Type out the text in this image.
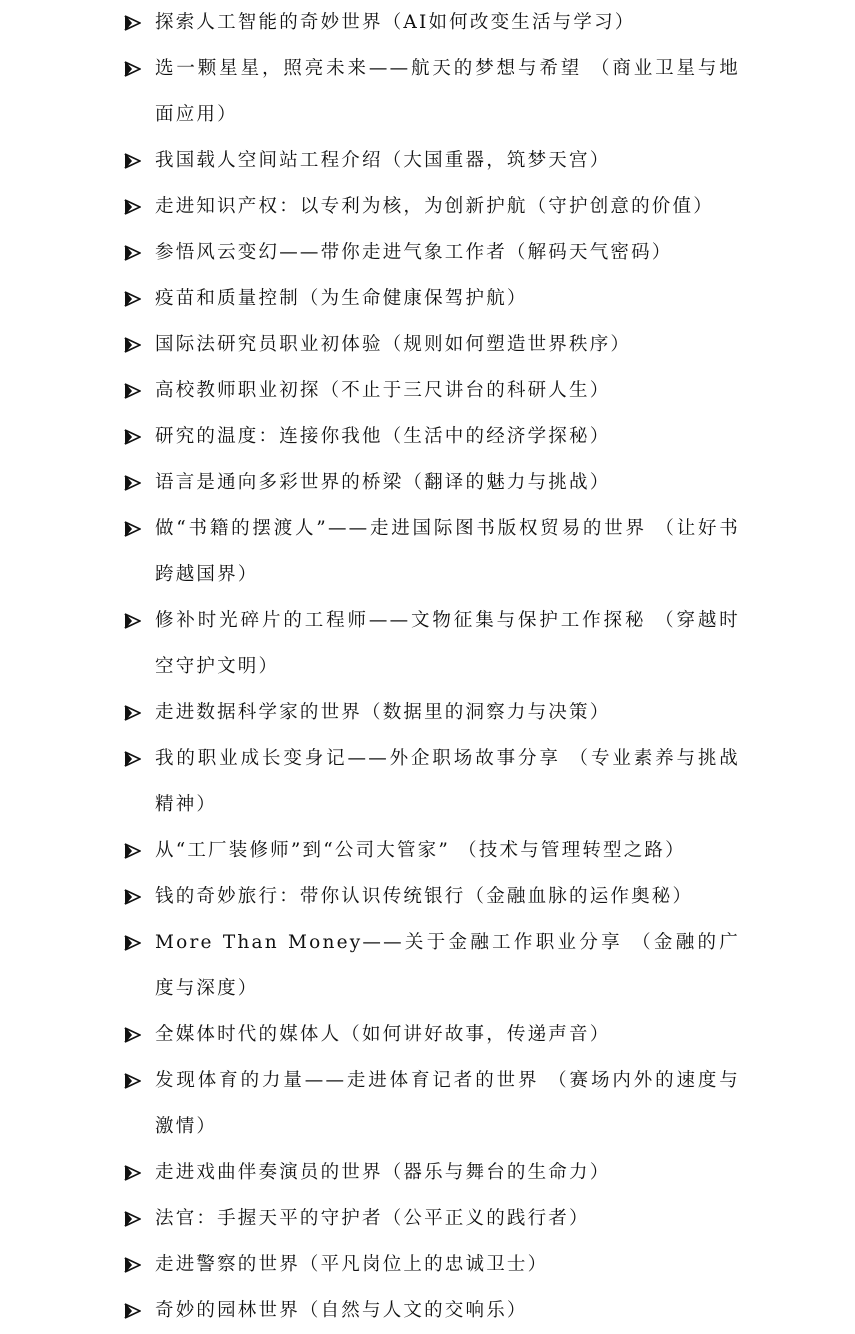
探索人工智能的奇妙世界（AI如何改变生活与学习）
选一颗星星，照亮未来——航天的梦想与希望 （商业卫星与地面应用）
我国载人空间站工程介绍（大国重器，筑梦天宫）
走进知识产权：以专利为核，为创新护航（守护创意的价值）
参悟风云变幻——带你走进气象工作者（解码天气密码）
疫苗和质量控制（为生命健康保驾护航）
国际法研究员职业初体验（规则如何塑造世界秩序）
高校教师职业初探（不止于三尺讲台的科研人生）
研究的温度：连接你我他（生活中的经济学探秘）
语言是通向多彩世界的桥梁（翻译的魅力与挑战）
做“书籍的摆渡人”——走进国际图书版权贸易的世界 （让好书跨越国界）
修补时光碎片的工程师——文物征集与保护工作探秘 （穿越时空守护文明）
走进数据科学家的世界（数据里的洞察力与决策）
我的职业成长变身记——外企职场故事分享 （专业素养与挑战精神）
从“工厂装修师”到“公司大管家” （技术与管理转型之路）
钱的奇妙旅行：带你认识传统银行（金融血脉的运作奥秘）
More Than Money——关于金融工作职业分享 （金融的广度与深度）
全媒体时代的媒体人（如何讲好故事，传递声音）
发现体育的力量——走进体育记者的世界 （赛场内外的速度与激情）
走进戏曲伴奏演员的世界（器乐与舞台的生命力）
法官：手握天平的守护者（公平正义的践行者）
走进警察的世界（平凡岗位上的忠诚卫士）
奇妙的园林世界（自然与人文的交响乐）
